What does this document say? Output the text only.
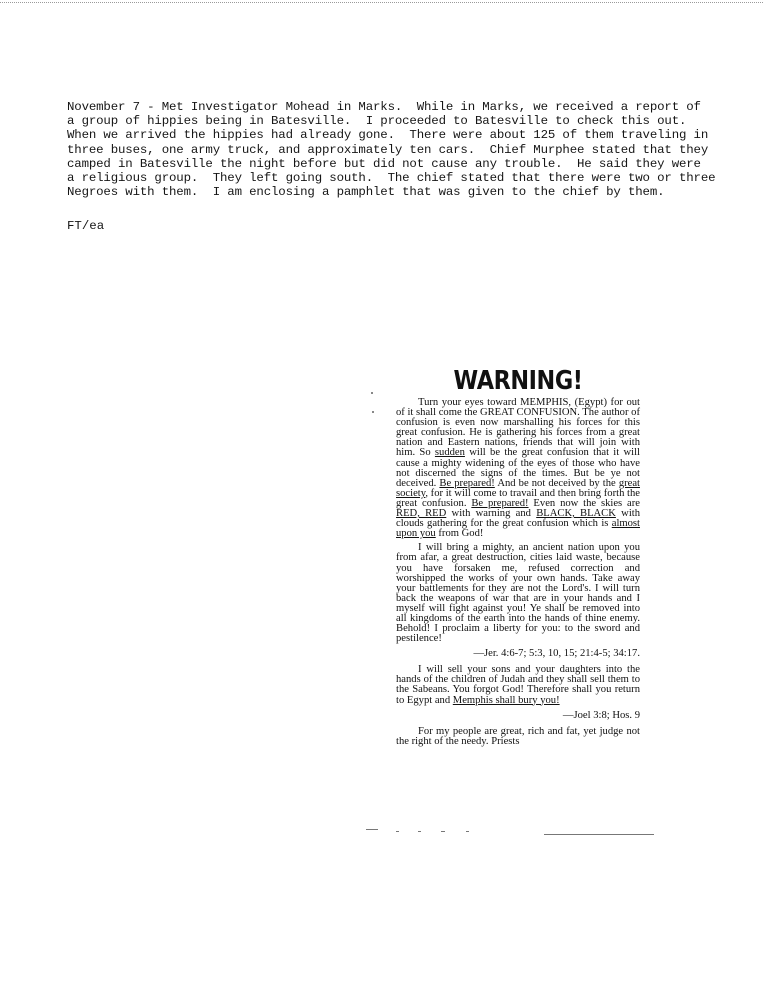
November 7 - Met Investigator Mohead in Marks.  While in Marks, we received a report of
a group of hippies being in Batesville.  I proceeded to Batesville to check this out.
When we arrived the hippies had already gone.  There were about 125 of them traveling in
three buses, one army truck, and approximately ten cars.  Chief Murphee stated that they
camped in Batesville the night before but did not cause any trouble.  He said they were
a religious group.  They left going south.  The chief stated that there were two or three
Negroes with them.  I am enclosing a pamphlet that was given to the chief by them.
FT/ea
WARNING!

Turn your eyes toward MEMPHIS, (Egypt) for out of it shall come the GREAT CONFUSION. The author of confusion is even now marshalling his forces for this great confusion. He is gathering his forces from a great nation and Eastern nations, friends that will join with him. So sudden will be the great confusion that it will cause a mighty widening of the eyes of those who have not discerned the signs of the times. But be ye not deceived. Be prepared! And be not deceived by the great society, for it will come to travail and then bring forth the great confusion. Be prepared! Even now the skies are RED, RED with warning and BLACK, BLACK with clouds gathering for the great confusion which is almost upon you from God!

I will bring a mighty, an ancient nation upon you from afar, a great destruction, cities laid waste, because you have forsaken me, refused correction and worshipped the works of your own hands. Take away your battlements for they are not the Lord's. I will turn back the weapons of war that are in your hands and I myself will fight against you! Ye shall be removed into all kingdoms of the earth into the hands of thine enemy. Behold! I proclaim a liberty for you: to the sword and pestilence!

—Jer. 4:6-7; 5:3, 10, 15; 21:4-5; 34:17.

I will sell your sons and your daughters into the hands of the children of Judah and they shall sell them to the Sabeans. You forgot God! Therefore shall you return to Egypt and Memphis shall bury you!

—Joel 3:8; Hos. 9

For my people are great, rich and fat, yet judge not the right of the needy. Priests
